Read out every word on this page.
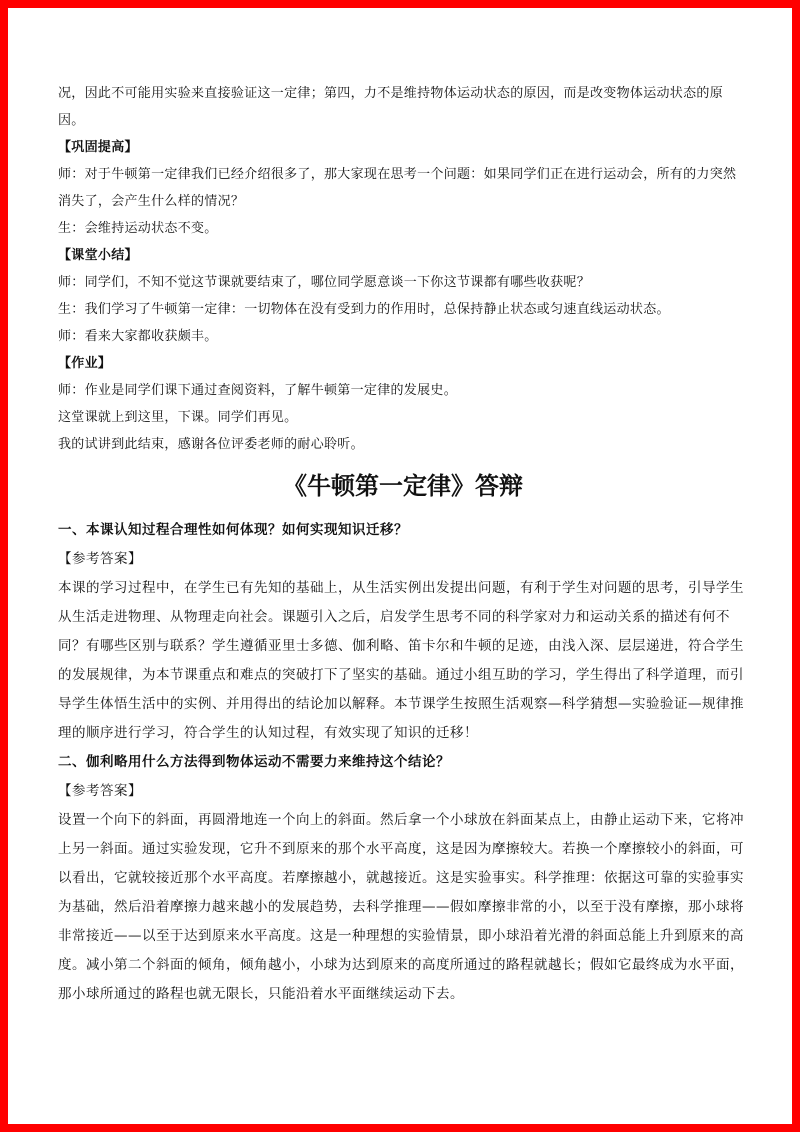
况，因此不可能用实验来直接验证这一定律；第四，力不是维持物体运动状态的原因，而是改变物体运动状态的原因。

【巩固提高】

师：对于牛顿第一定律我们已经介绍很多了，那大家现在思考一个问题：如果同学们正在进行运动会，所有的力突然消失了，会产生什么样的情况？

生：会维持运动状态不变。

【课堂小结】

师：同学们，不知不觉这节课就要结束了，哪位同学愿意谈一下你这节课都有哪些收获呢？

生：我们学习了牛顿第一定律：一切物体在没有受到力的作用时，总保持静止状态或匀速直线运动状态。

师：看来大家都收获颇丰。

【作业】

师：作业是同学们课下通过查阅资料，了解牛顿第一定律的发展史。

这堂课就上到这里，下课。同学们再见。

我的试讲到此结束，感谢各位评委老师的耐心聆听。

《牛顿第一定律》答辩

一、本课认知过程合理性如何体现？如何实现知识迁移？

【参考答案】

本课的学习过程中，在学生已有先知的基础上，从生活实例出发提出问题，有利于学生对问题的思考，引导学生从生活走进物理、从物理走向社会。课题引入之后，启发学生思考不同的科学家对力和运动关系的描述有何不同？有哪些区别与联系？学生遵循亚里士多德、伽利略、笛卡尔和牛顿的足迹，由浅入深、层层递进，符合学生的发展规律，为本节课重点和难点的突破打下了坚实的基础。通过小组互助的学习，学生得出了科学道理，而引导学生体悟生活中的实例、并用得出的结论加以解释。本节课学生按照生活观察—科学猜想—实验验证—规律推理的顺序进行学习，符合学生的认知过程，有效实现了知识的迁移！

二、伽利略用什么方法得到物体运动不需要力来维持这个结论？

【参考答案】

设置一个向下的斜面，再圆滑地连一个向上的斜面。然后拿一个小球放在斜面某点上，由静止运动下来，它将冲上另一斜面。通过实验发现，它升不到原来的那个水平高度，这是因为摩擦较大。若换一个摩擦较小的斜面，可以看出，它就较接近那个水平高度。若摩擦越小，就越接近。这是实验事实。科学推理：依据这可靠的实验事实为基础，然后沿着摩擦力越来越小的发展趋势，去科学推理——假如摩擦非常的小，以至于没有摩擦，那小球将非常接近——以至于达到原来水平高度。这是一种理想的实验情景，即小球沿着光滑的斜面总能上升到原来的高度。减小第二个斜面的倾角，倾角越小，小球为达到原来的高度所通过的路程就越长；假如它最终成为水平面，那小球所通过的路程也就无限长，只能沿着水平面继续运动下去。
